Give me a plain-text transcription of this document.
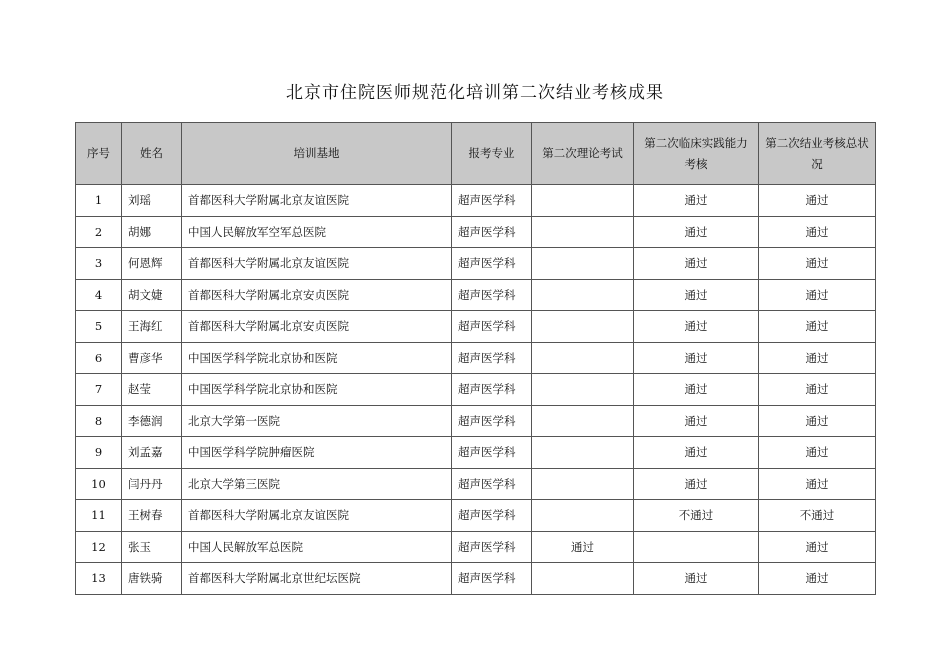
北京市住院医师规范化培训第二次结业考核成果
序号	姓名	培训基地	报考专业	第二次理论考试	第二次临床实践能力考核	第二次结业考核总状况
1	刘瑶	首都医科大学附属北京友谊医院	超声医学科		通过	通过
2	胡娜	中国人民解放军空军总医院	超声医学科		通过	通过
3	何恩辉	首都医科大学附属北京友谊医院	超声医学科		通过	通过
4	胡文婕	首都医科大学附属北京安贞医院	超声医学科		通过	通过
5	王海红	首都医科大学附属北京安贞医院	超声医学科		通过	通过
6	曹彦华	中国医学科学院北京协和医院	超声医学科		通过	通过
7	赵莹	中国医学科学院北京协和医院	超声医学科		通过	通过
8	李德润	北京大学第一医院	超声医学科		通过	通过
9	刘孟嘉	中国医学科学院肿瘤医院	超声医学科		通过	通过
10	闫丹丹	北京大学第三医院	超声医学科		通过	通过
11	王树春	首都医科大学附属北京友谊医院	超声医学科		不通过	不通过
12	张玉	中国人民解放军总医院	超声医学科	通过		通过
13	唐铁骑	首都医科大学附属北京世纪坛医院	超声医学科		通过	通过
